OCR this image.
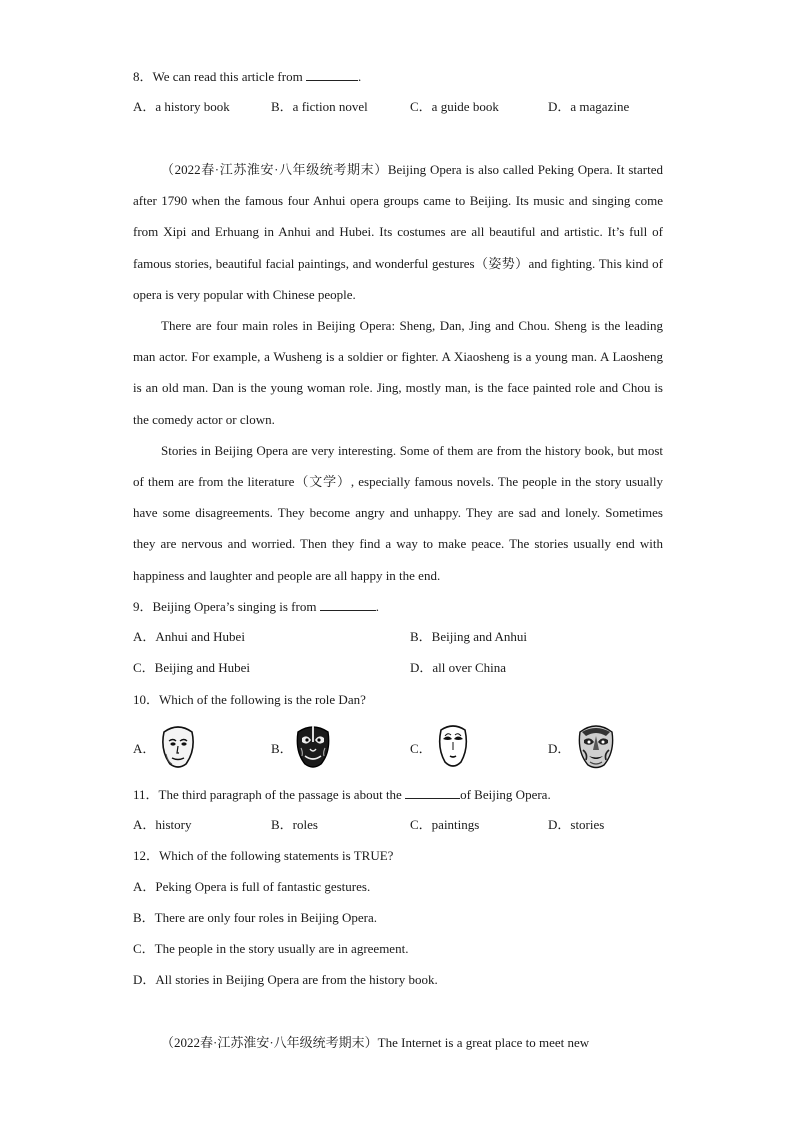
8．We can read this article from	.
A．a history book	B．a fiction novel	C．a guide book	D．a magazine

（2022春·江苏淮安·八年级统考期末）Beijing Opera is also called Peking Opera. It started after 1790 when the famous four Anhui opera groups came to Beijing. Its music and singing come from Xipi and Erhuang in Anhui and Hubei. Its costumes are all beautiful and artistic. It’s full of famous stories, beautiful facial paintings, and wonderful gestures（姿势）and fighting. This kind of opera is very popular with Chinese people.

There are four main roles in Beijing Opera: Sheng, Dan, Jing and Chou. Sheng is the leading man actor. For example, a Wusheng is a soldier or fighter. A Xiaosheng is a young man. A Laosheng is an old man. Dan is the young woman role. Jing, mostly man, is the face painted role and Chou is the comedy actor or clown.

Stories in Beijing Opera are very interesting. Some of them are from the history book, but most of them are from the literature（文学）, especially famous novels. The people in the story usually have some disagreements. They become angry and unhappy. They are sad and lonely. Sometimes they are nervous and worried. Then they find a way to make peace. The stories usually end with happiness and laughter and people are all happy in the end.

9．Beijing Opera’s singing is from	.
A．Anhui and Hubei	B．Beijing and Anhui
C．Beijing and Hubei	D．all over China
10．Which of the following is the role Dan?
A．	B．	C．	D．
11．The third paragraph of the passage is about the	of Beijing Opera.
A．history	B．roles	C．paintings	D．stories
12．Which of the following statements is TRUE?
A．Peking Opera is full of fantastic gestures.
B．There are only four roles in Beijing Opera.
C．The people in the story usually are in agreement.
D．All stories in Beijing Opera are from the history book.
（2022春·江苏淮安·八年级统考期末）The Internet is a great place to meet new
